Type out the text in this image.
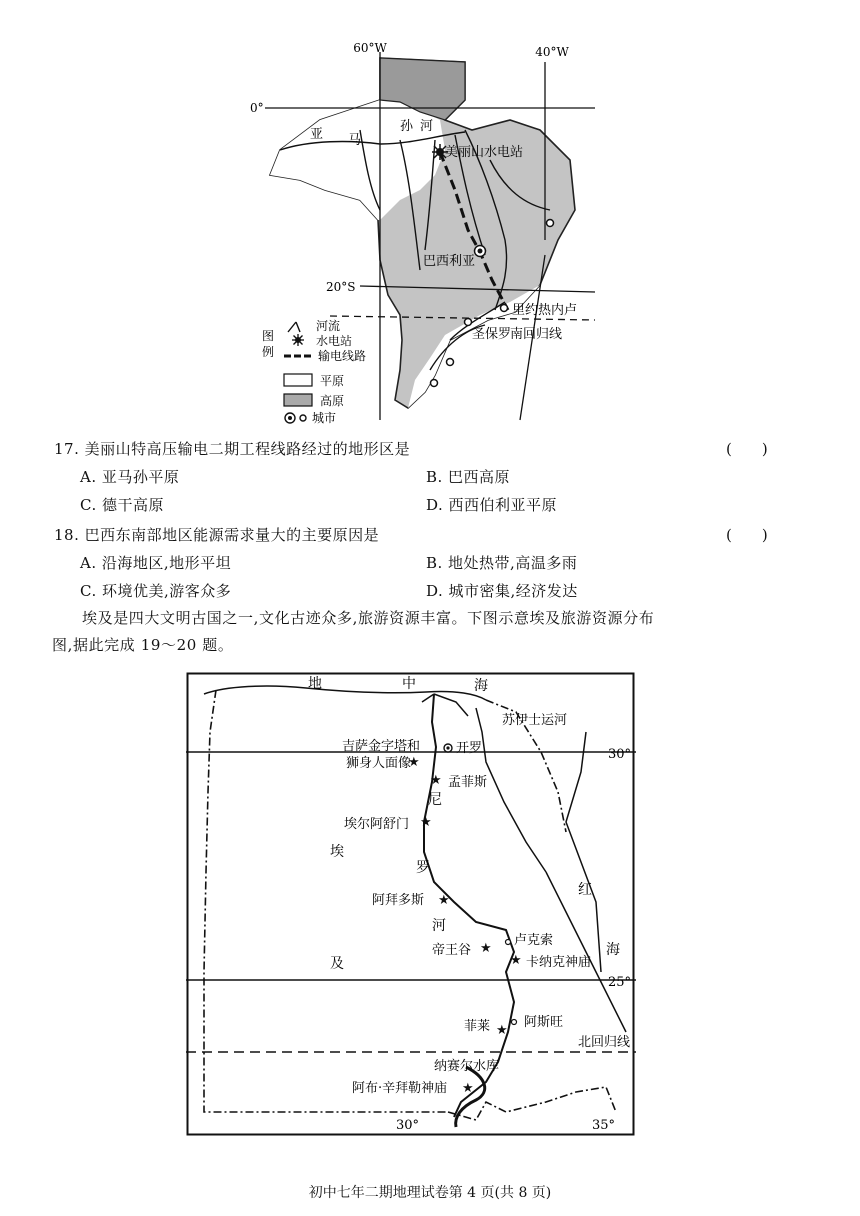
60°W	40°W
0°
20°S
亚 马
孙 河
美丽山水电站
巴西利亚
里约热内卢
圣保罗
南回归线
图
例
河流
水电站
输电线路
平原
高原
城市
17. 美丽山特高压输电二期工程线路经过的地形区是	(　　)
A. 亚马孙平原	B. 巴西高原
C. 德干高原	D. 西西伯利亚平原
18. 巴西东南部地区能源需求量大的主要原因是	(　　)
A. 沿海地区,地形平坦	B. 地处热带,高温多雨
C. 环境优美,游客众多	D. 城市密集,经济发达
埃及是四大文明古国之一,文化古迹众多,旅游资源丰富。下图示意埃及旅游资源分布
图,据此完成 19～20 题。
★
★
★
★
★
★
★
★
地	中	海
苏伊士运河
开罗
吉萨金字塔和
狮身人面像
孟菲斯
尼
埃尔阿舒门
埃
罗
阿拜多斯
河
卢克索
帝王谷
卡纳克神庙
及
红
海
30°
25°
菲莱	阿斯旺
北回归线
纳赛尔水库
阿布·辛拜勒神庙
30°	35°
初中七年二期地理试卷第 4 页(共 8 页)
